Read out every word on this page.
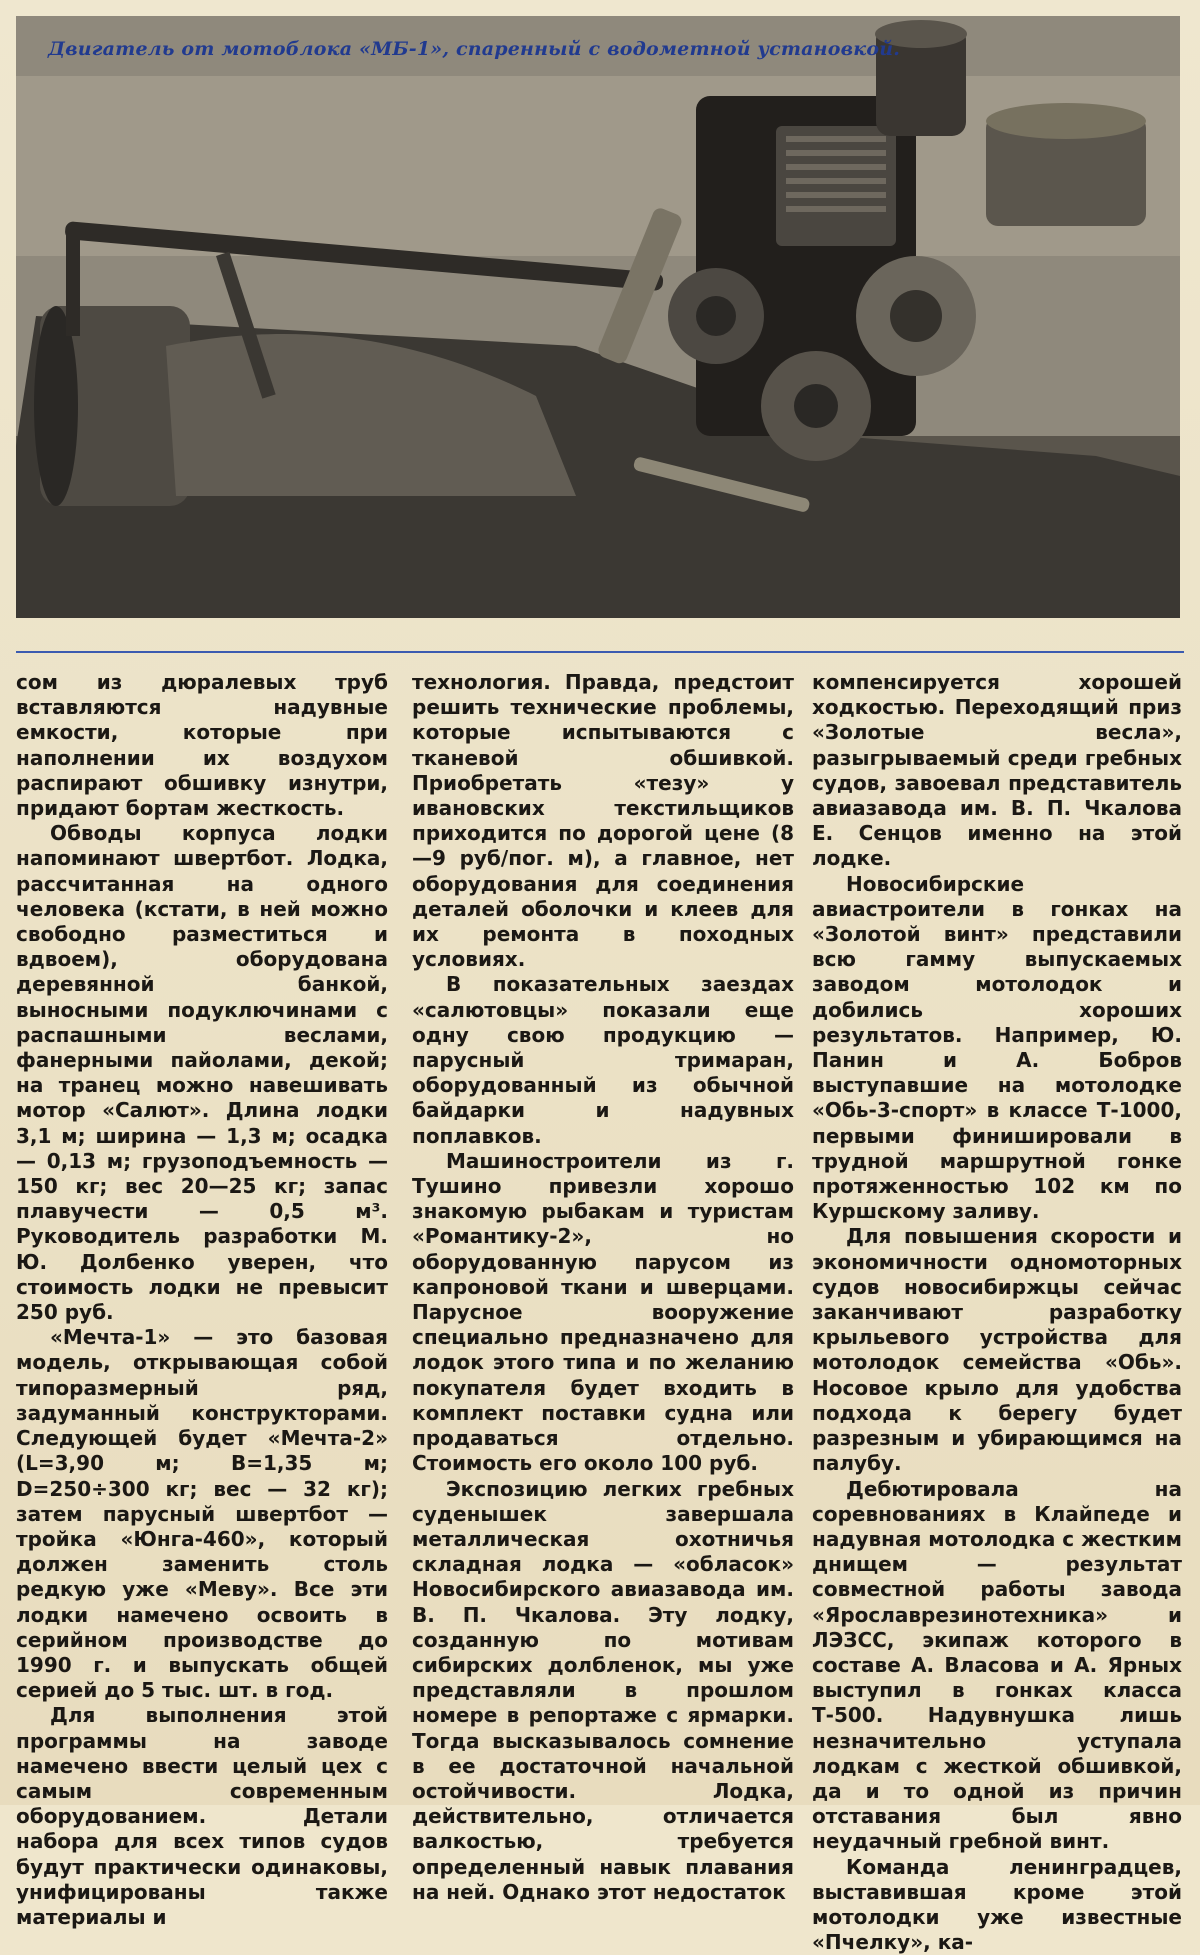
Двигатель от мотоблока «МБ-1», спаренный с водометной установкой.

сом из дюралевых труб вставляются надувные емкости, которые при наполнении их воздухом распирают обшивку изнутри, придают бортам жесткость.

Обводы корпуса лодки напоминают швертбот. Лодка, рассчитанная на одного человека (кстати, в ней можно свободно разместиться и вдвоем), оборудована деревянной банкой, выносными подуключинами с распашными веслами, фанерными пайолами, декой; на транец можно навешивать мотор «Салют». Длина лодки 3,1 м; ширина — 1,3 м; осадка — 0,13 м; грузоподъемность — 150 кг; вес 20—25 кг; запас плавучести — 0,5 м³. Руководитель разработки М. Ю. Долбенко уверен, что стоимость лодки не превысит 250 руб.

«Мечта-1» — это базовая модель, открывающая собой типоразмерный ряд, задуманный конструкторами. Следующей будет «Мечта-2» (L=3,90 м; B=1,35 м; D=250÷300 кг; вес — 32 кг); затем парусный швертбот — тройка «Юнга-460», который должен заменить столь редкую уже «Мевy». Все эти лодки намечено освоить в серийном производстве до 1990 г. и выпускать общей серией до 5 тыс. шт. в год.

Для выполнения этой программы на заводе намечено ввести целый цех с самым современным оборудованием. Детали набора для всех типов судов будут практически одинаковы, унифицированы также материалы и

технология. Правда, предстоит решить технические проблемы, которые испытываются с тканевой обшивкой. Приобретать «тезу» у ивановских текстильщиков приходится по дорогой цене (8—9 руб/пог. м), а главное, нет оборудования для соединения деталей оболочки и клеев для их ремонта в походных условиях.

В показательных заездах «салютовцы» показали еще одну свою продукцию — парусный тримаран, оборудованный из обычной байдарки и надувных поплавков.

Машиностроители из г. Тушино привезли хорошо знакомую рыбакам и туристам «Романтику-2», но оборудованную парусом из капроновой ткани и шверцами. Парусное вооружение специально предназначено для лодок этого типа и по желанию покупателя будет входить в комплект поставки судна или продаваться отдельно. Стоимость его около 100 руб.

Экспозицию легких гребных суденышек завершала металлическая охотничья складная лодка — «обласок» Новосибирского авиазавода им. В. П. Чкалова. Эту лодку, созданную по мотивам сибирских долбленок, мы уже представляли в прошлом номере в репортаже с ярмарки. Тогда высказывалось сомнение в ее достаточной начальной остойчивости. Лодка, действительно, отличается валкостью, требуется определенный навык плавания на ней. Однако этот недостаток

компенсируется хорошей ходкостью. Переходящий приз «Золотые весла», разыгрываемый среди гребных судов, завоевал представитель авиазавода им. В. П. Чкалова Е. Сенцов именно на этой лодке.

Новосибирские авиастроители в гонках на «Золотой винт» представили всю гамму выпускаемых заводом мотолодок и добились хороших результатов. Например, Ю. Панин и А. Бобров выступавшие на мотолодке «Обь-3-спорт» в классе Т-1000, первыми финишировали в трудной маршрутной гонке протяженностью 102 км по Куршскому заливу.

Для повышения скорости и экономичности одномоторных судов новосибиржцы сейчас заканчивают разработку крыльевого устройства для мотолодок семейства «Обь». Носовое крыло для удобства подхода к берегу будет разрезным и убирающимся на палубу.

Дебютировала на соревнованиях в Клайпеде и надувная мотолодка с жестким днищем — результат совместной работы завода «Ярославрезинотехника» и ЛЭЗСС, экипаж которого в составе А. Власова и А. Ярных выступил в гонках класса Т-500. Надувнушка лишь незначительно уступала лодкам с жесткой обшивкой, да и то одной из причин отставания был явно неудачный гребной винт.

Команда ленинградцев, выставившая кроме этой мотолодки уже известные «Пчелку», ка-
